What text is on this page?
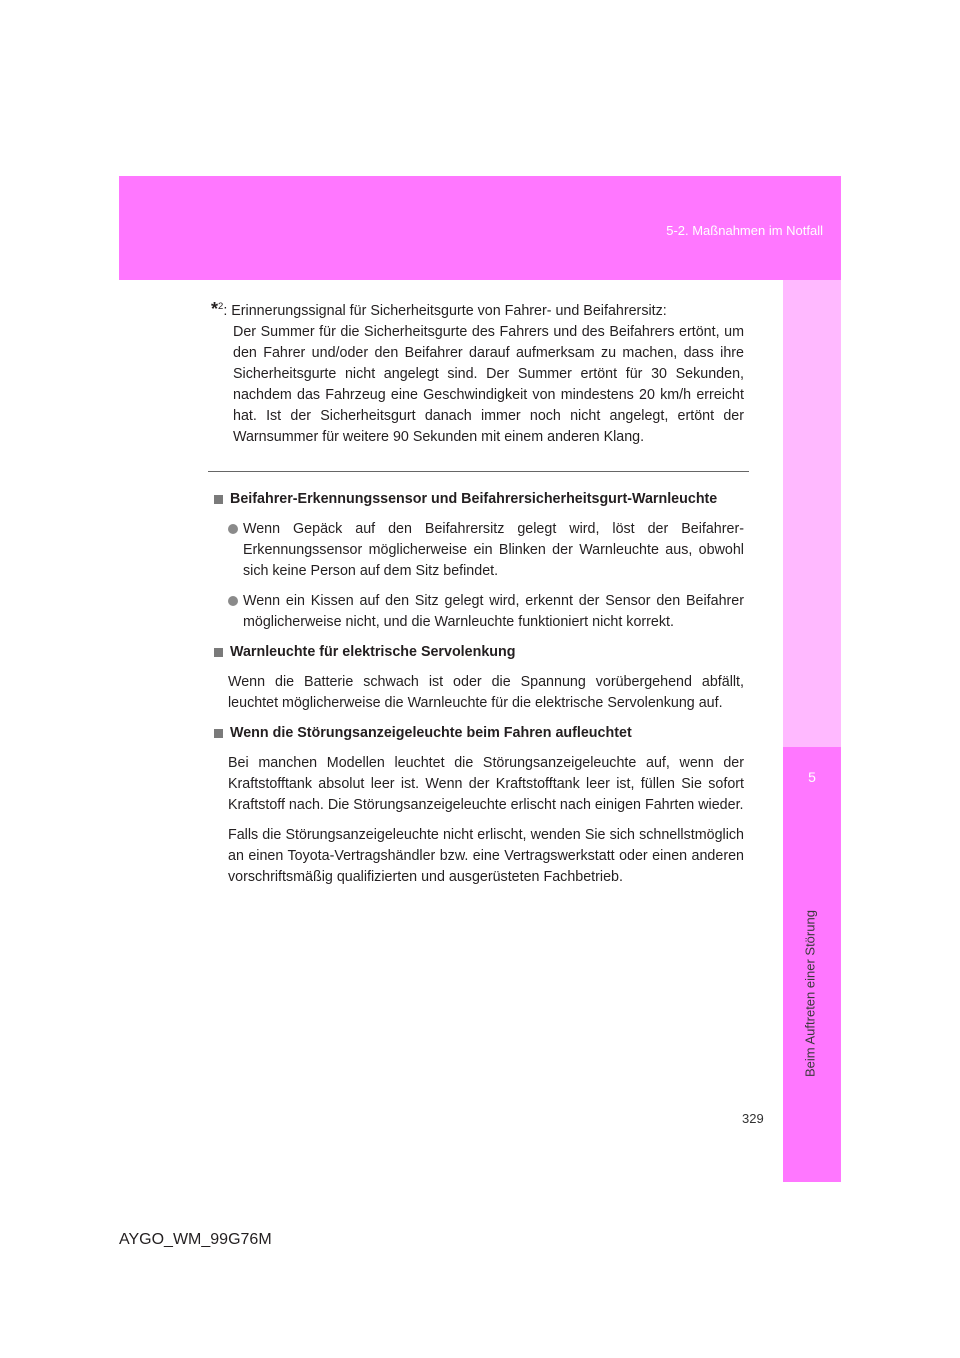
5-2. Maßnahmen im Notfall
5
Beim Auftreten einer Störung
*$^2$: Erinnerungssignal für Sicherheitsgurte von Fahrer- und Beifahrersitz:
Der Summer für die Sicherheitsgurte des Fahrers und des Beifahrers ertönt, um den Fahrer und/oder den Beifahrer darauf aufmerksam zu machen, dass ihre Sicherheitsgurte nicht angelegt sind. Der Summer ertönt für 30 Sekunden, nachdem das Fahrzeug eine Geschwindigkeit von mindestens 20 km/h erreicht hat. Ist der Sicherheitsgurt danach immer noch nicht angelegt, ertönt der Warnsummer für weitere 90 Sekunden mit einem anderen Klang.
Beifahrer-Erkennungssensor und Beifahrersicherheitsgurt-Warnleuchte
Wenn Gepäck auf den Beifahrersitz gelegt wird, löst der Beifahrer-Erkennungssensor möglicherweise ein Blinken der Warnleuchte aus, obwohl sich keine Person auf dem Sitz befindet.
Wenn ein Kissen auf den Sitz gelegt wird, erkennt der Sensor den Beifahrer möglicherweise nicht, und die Warnleuchte funktioniert nicht korrekt.
Warnleuchte für elektrische Servolenkung
Wenn die Batterie schwach ist oder die Spannung vorübergehend abfällt, leuchtet möglicherweise die Warnleuchte für die elektrische Servolenkung auf.
Wenn die Störungsanzeigeleuchte beim Fahren aufleuchtet
Bei manchen Modellen leuchtet die Störungsanzeigeleuchte auf, wenn der Kraftstofftank absolut leer ist. Wenn der Kraftstofftank leer ist, füllen Sie sofort Kraftstoff nach. Die Störungsanzeigeleuchte erlischt nach einigen Fahrten wieder.
Falls die Störungsanzeigeleuchte nicht erlischt, wenden Sie sich schnellstmöglich an einen Toyota-Vertragshändler bzw. eine Vertragswerkstatt oder einen anderen vorschriftsmäßig qualifizierten und ausgerüsteten Fachbetrieb.
329
AYGO_WM_99G76M
